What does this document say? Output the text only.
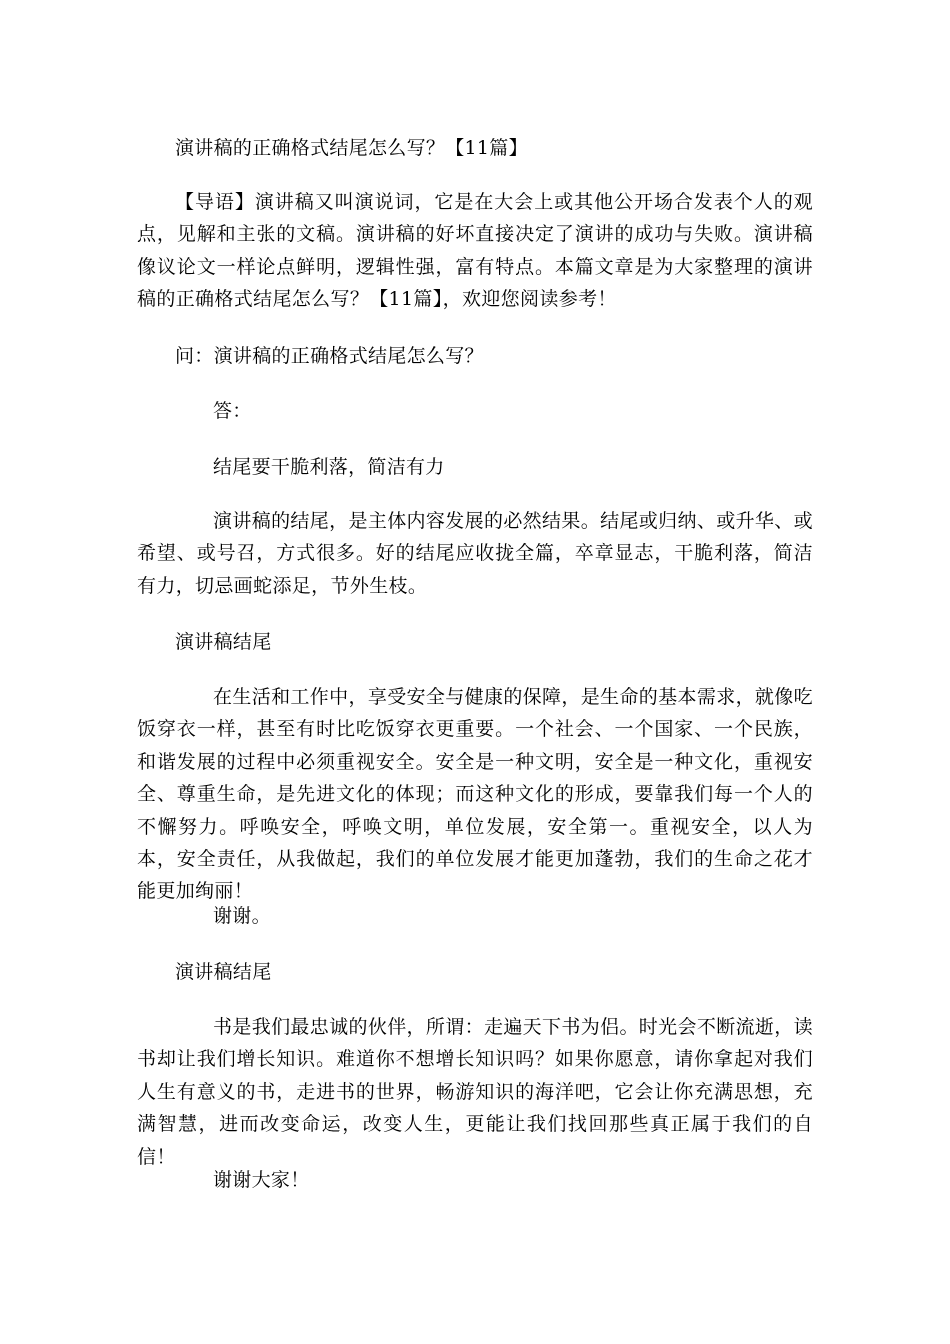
演讲稿的正确格式结尾怎么写？【11篇】
【导语】演讲稿又叫演说词，它是在大会上或其他公开场合发表个人的观点，见解和主张的文稿。演讲稿的好坏直接决定了演讲的成功与失败。演讲稿像议论文一样论点鲜明，逻辑性强，富有特点。本篇文章是为大家整理的演讲稿的正确格式结尾怎么写？【11篇】，欢迎您阅读参考！
问：演讲稿的正确格式结尾怎么写？
答：
结尾要干脆利落，简洁有力
演讲稿的结尾，是主体内容发展的必然结果。结尾或归纳、或升华、或希望、或号召，方式很多。好的结尾应收拢全篇，卒章显志，干脆利落，简洁有力，切忌画蛇添足，节外生枝。
演讲稿结尾
在生活和工作中，享受安全与健康的保障，是生命的基本需求，就像吃饭穿衣一样，甚至有时比吃饭穿衣更重要。一个社会、一个国家、一个民族，和谐发展的过程中必须重视安全。安全是一种文明，安全是一种文化，重视安全、尊重生命，是先进文化的体现；而这种文化的形成，要靠我们每一个人的不懈努力。呼唤安全，呼唤文明，单位发展，安全第一。重视安全，以人为本，安全责任，从我做起，我们的单位发展才能更加蓬勃，我们的生命之花才能更加绚丽！
谢谢。
演讲稿结尾
书是我们最忠诚的伙伴，所谓：走遍天下书为侣。时光会不断流逝，读书却让我们增长知识。难道你不想增长知识吗？如果你愿意，请你拿起对我们人生有意义的书，走进书的世界，畅游知识的海洋吧，它会让你充满思想，充满智慧，进而改变命运，改变人生，更能让我们找回那些真正属于我们的自信！
谢谢大家！
